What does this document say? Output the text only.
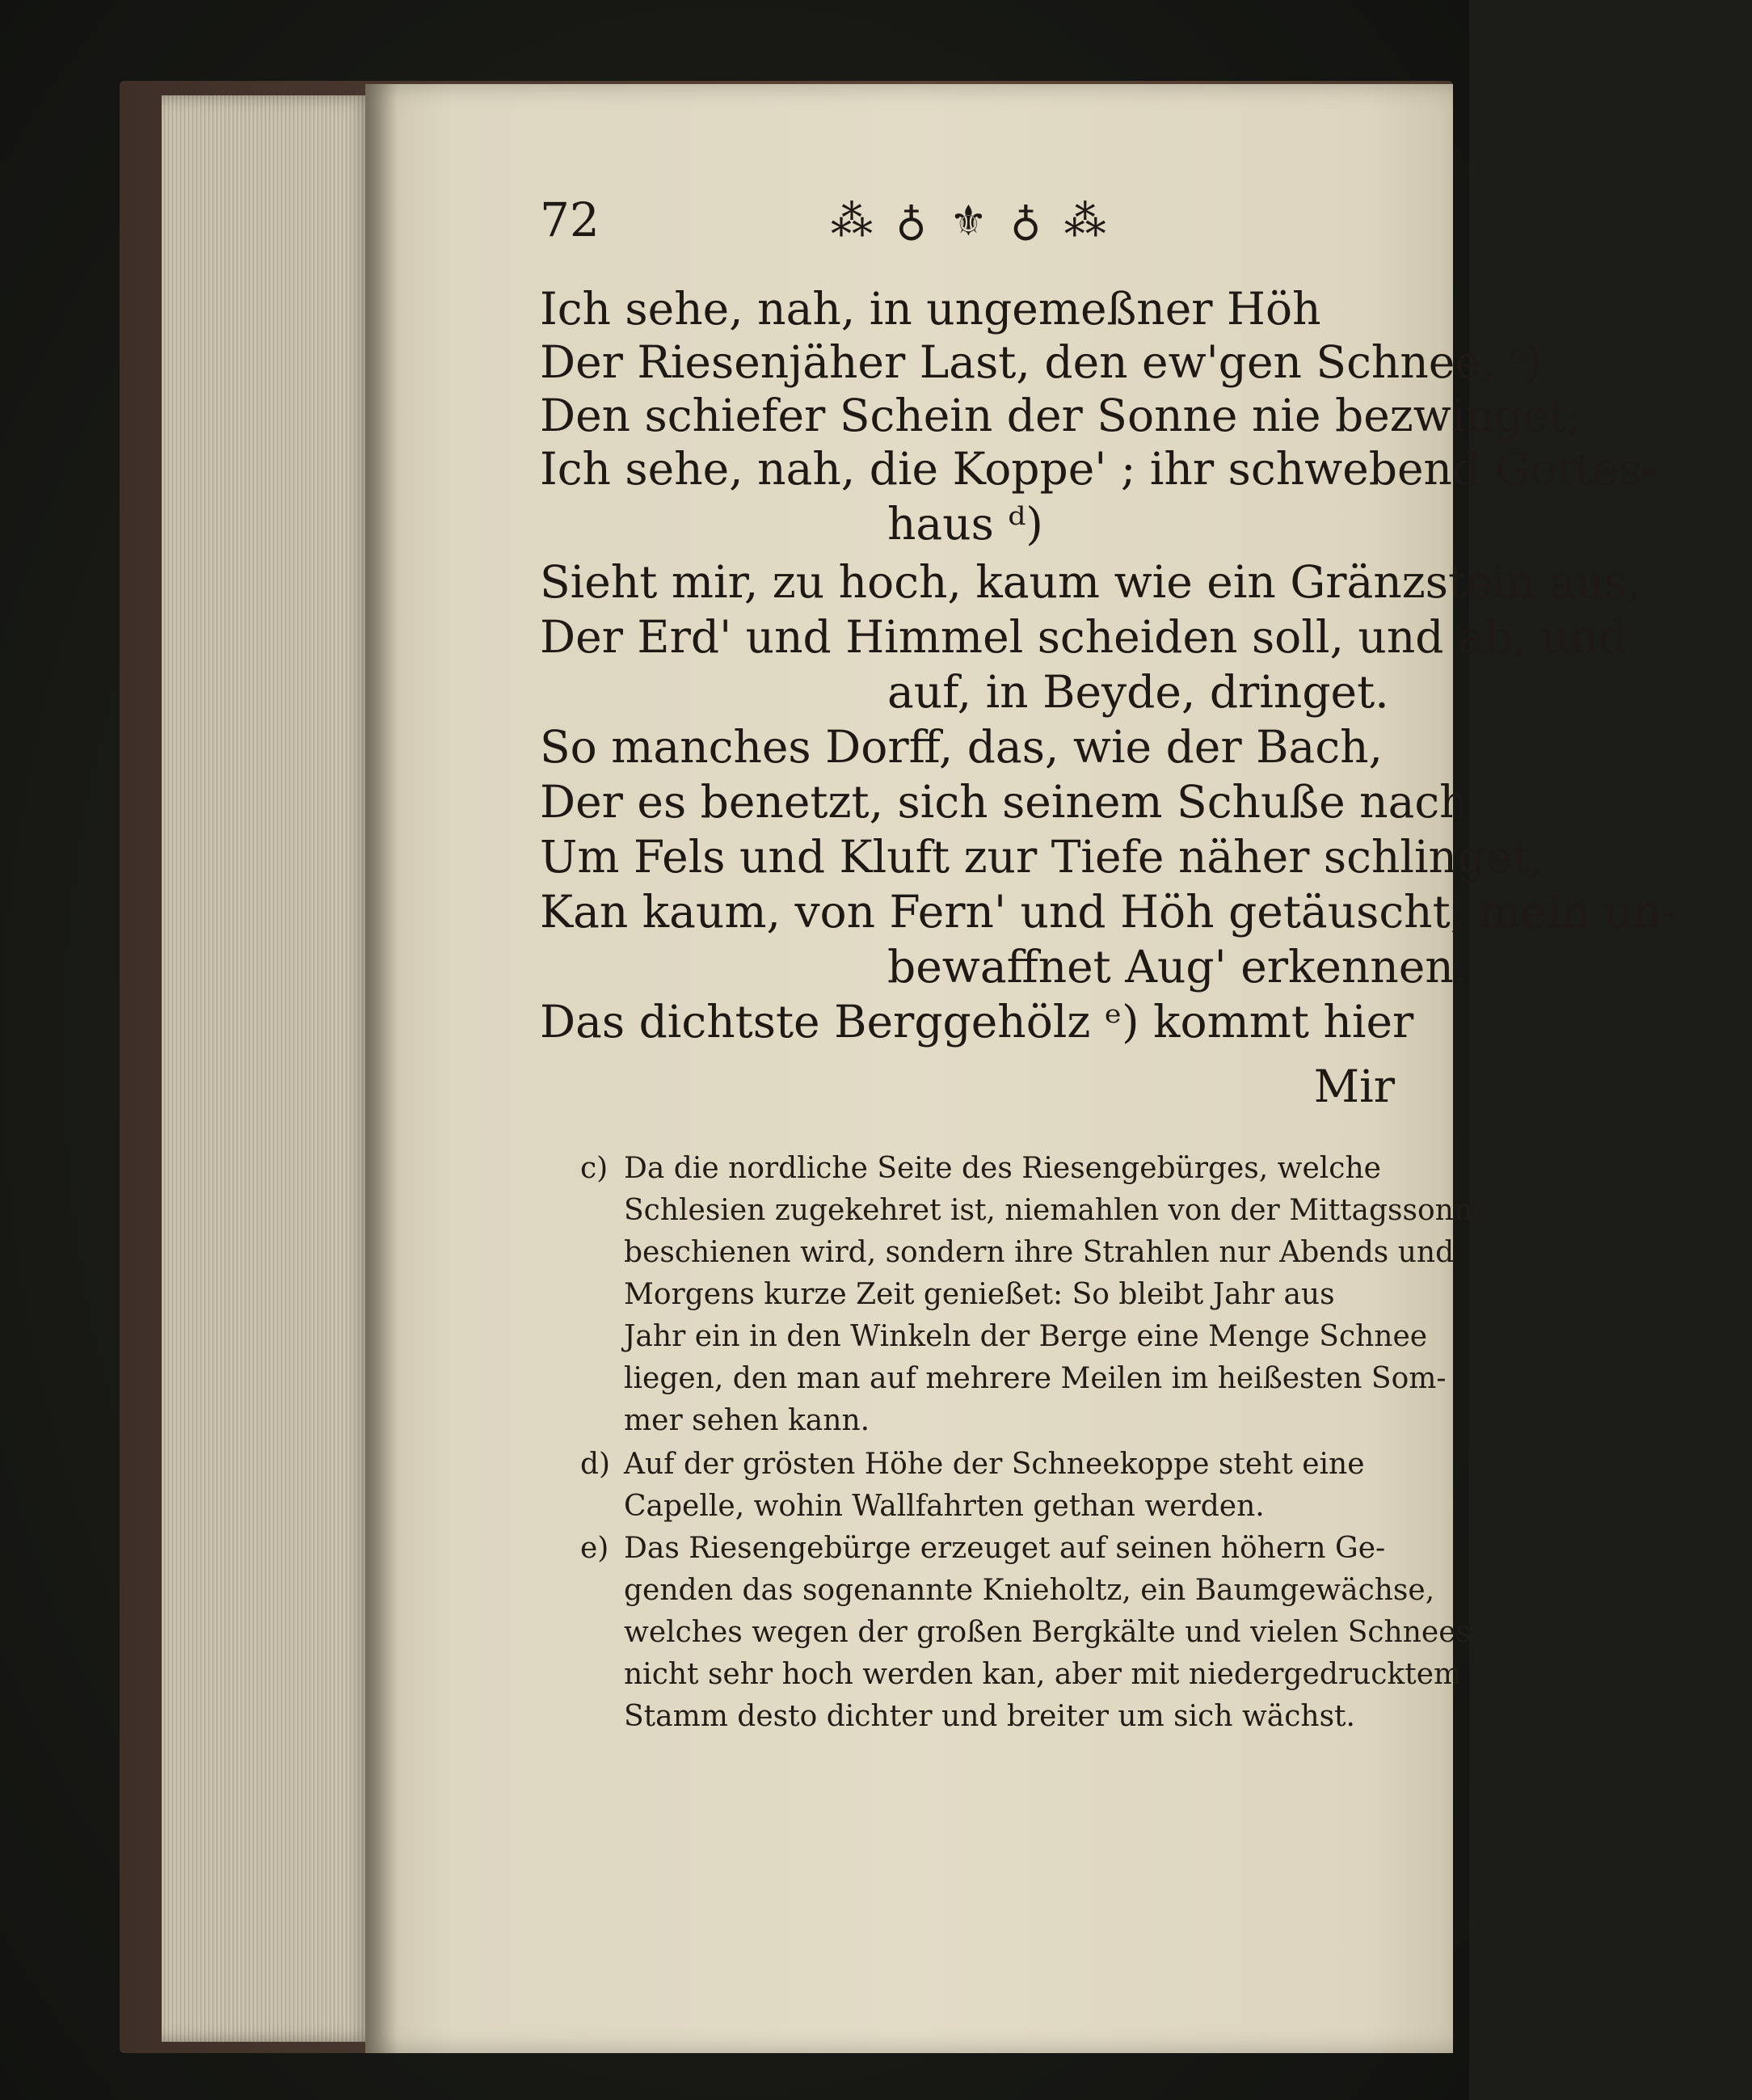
72	⁂ ♁ ⚜ ♁ ⁂
Ich sehe, nah, in ungemeßner Höh
Der Riesenjäher Last, den ew'gen Schnee, ᶜ)
Den schiefer Schein der Sonne nie bezwinget;
Ich sehe, nah, die Koppe' ; ihr schwebend Gottes-
haus ᵈ)
Sieht mir, zu hoch, kaum wie ein Gränzstein aus,
Der Erd' und Himmel scheiden soll, und ab, und
auf, in Beyde, dringet.
So manches Dorff, das, wie der Bach,
Der es benetzt, sich seinem Schuße nach
Um Fels und Kluft zur Tiefe näher schlinget,
Kan kaum, von Fern' und Höh getäuscht, mein un-
bewaffnet Aug' erkennen.
Das dichtste Berggehölz ᵉ) kommt hier
Mir
c) Da die nordliche Seite des Riesengebürges, welche
Schlesien zugekehret ist, niemahlen von der Mittagssonne
beschienen wird, sondern ihre Strahlen nur Abends und
Morgens kurze Zeit genießet: So bleibt Jahr aus
Jahr ein in den Winkeln der Berge eine Menge Schnee
liegen, den man auf mehrere Meilen im heißesten Som-
mer sehen kann.
d) Auf der grösten Höhe der Schneekoppe steht eine
Capelle, wohin Wallfahrten gethan werden.
e) Das Riesengebürge erzeuget auf seinen höhern Ge-
genden das sogenannte Knieholtz, ein Baumgewächse,
welches wegen der großen Bergkälte und vielen Schnees
nicht sehr hoch werden kan, aber mit niedergedrucktem
Stamm desto dichter und breiter um sich wächst.
